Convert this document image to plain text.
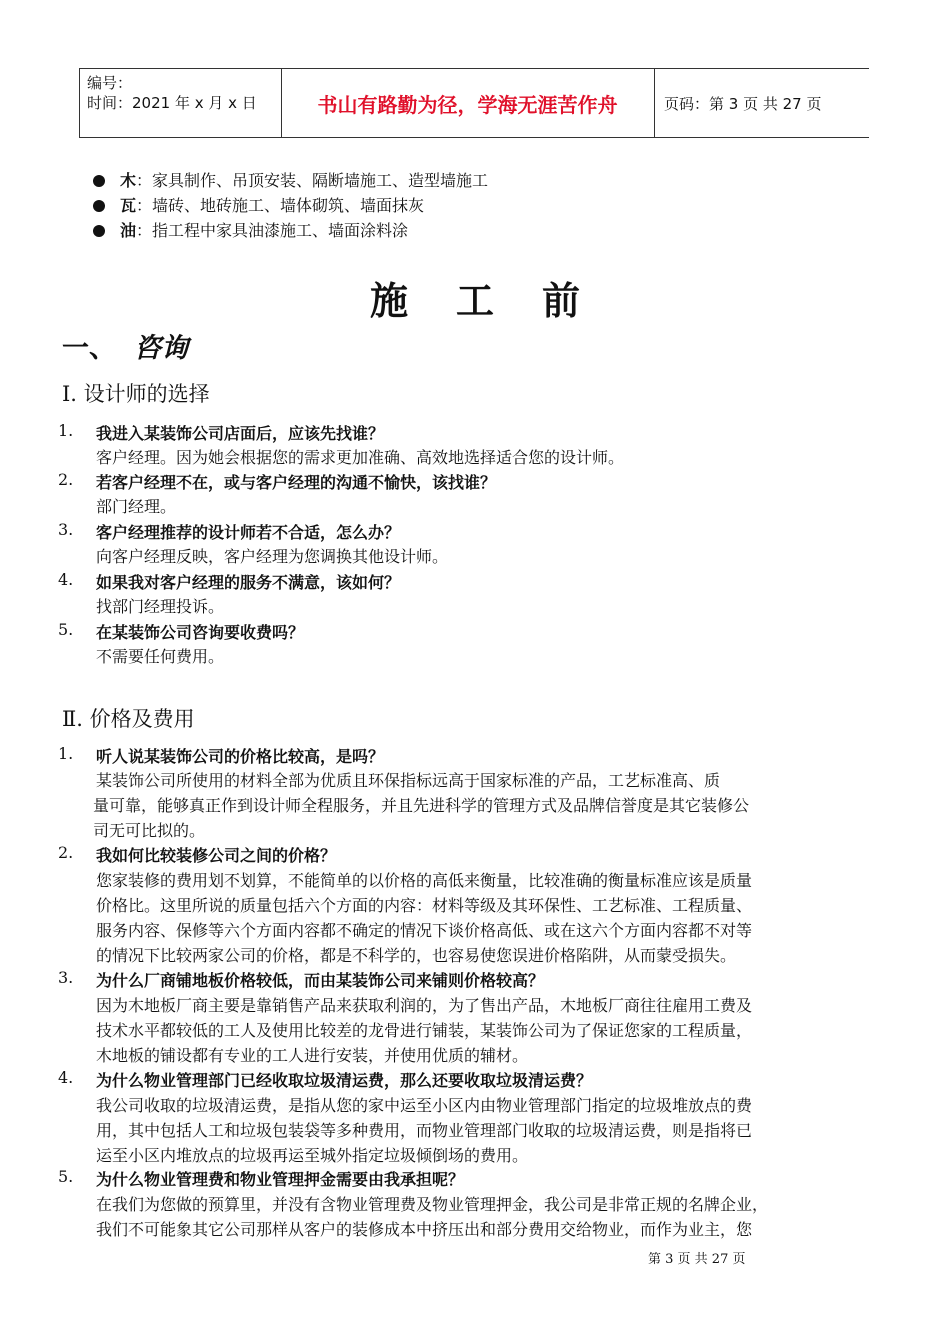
编号：
时间：2021 年 x 月 x 日	书山有路勤为径，学海无涯苦作舟	页码：第 3 页 共 27 页
木：家具制作、吊顶安装、隔断墙施工、造型墙施工
瓦：墙砖、地砖施工、墙体砌筑、墙面抹灰
油：指工程中家具油漆施工、墙面涂料涂
施工前
一、 咨询
Ⅰ. 设计师的选择
1. 我进入某装饰公司店面后，应该先找谁？
客户经理。因为她会根据您的需求更加准确、高效地选择适合您的设计师。
2. 若客户经理不在，或与客户经理的沟通不愉快，该找谁？
部门经理。
3. 客户经理推荐的设计师若不合适，怎么办？
向客户经理反映，客户经理为您调换其他设计师。
4. 如果我对客户经理的服务不满意，该如何？
找部门经理投诉。
5. 在某装饰公司咨询要收费吗？
不需要任何费用。
Ⅱ. 价格及费用
1. 听人说某装饰公司的价格比较高，是吗？
某装饰公司所使用的材料全部为优质且环保指标远高于国家标准的产品，工艺标准高、质
量可靠，能够真正作到设计师全程服务，并且先进科学的管理方式及品牌信誉度是其它装修公
司无可比拟的。
2. 我如何比较装修公司之间的价格？
您家装修的费用划不划算，不能简单的以价格的高低来衡量，比较准确的衡量标准应该是质量
价格比。这里所说的质量包括六个方面的内容：材料等级及其环保性、工艺标准、工程质量、
服务内容、保修等六个方面内容都不确定的情况下谈价格高低、或在这六个方面内容都不对等
的情况下比较两家公司的价格，都是不科学的，也容易使您误进价格陷阱，从而蒙受损失。
3. 为什么厂商铺地板价格较低，而由某装饰公司来铺则价格较高？
因为木地板厂商主要是靠销售产品来获取利润的，为了售出产品，木地板厂商往往雇用工费及
技术水平都较低的工人及使用比较差的龙骨进行铺装，某装饰公司为了保证您家的工程质量，
木地板的铺设都有专业的工人进行安装，并使用优质的辅材。
4. 为什么物业管理部门已经收取垃圾清运费，那么还要收取垃圾清运费？
我公司收取的垃圾清运费，是指从您的家中运至小区内由物业管理部门指定的垃圾堆放点的费
用，其中包括人工和垃圾包装袋等多种费用，而物业管理部门收取的垃圾清运费，则是指将已
运至小区内堆放点的垃圾再运至城外指定垃圾倾倒场的费用。
5. 为什么物业管理费和物业管理押金需要由我承担呢？
在我们为您做的预算里，并没有含物业管理费及物业管理押金，我公司是非常正规的名牌企业，
我们不可能象其它公司那样从客户的装修成本中挤压出和部分费用交给物业，而作为业主，您
第 3 页 共 27 页
